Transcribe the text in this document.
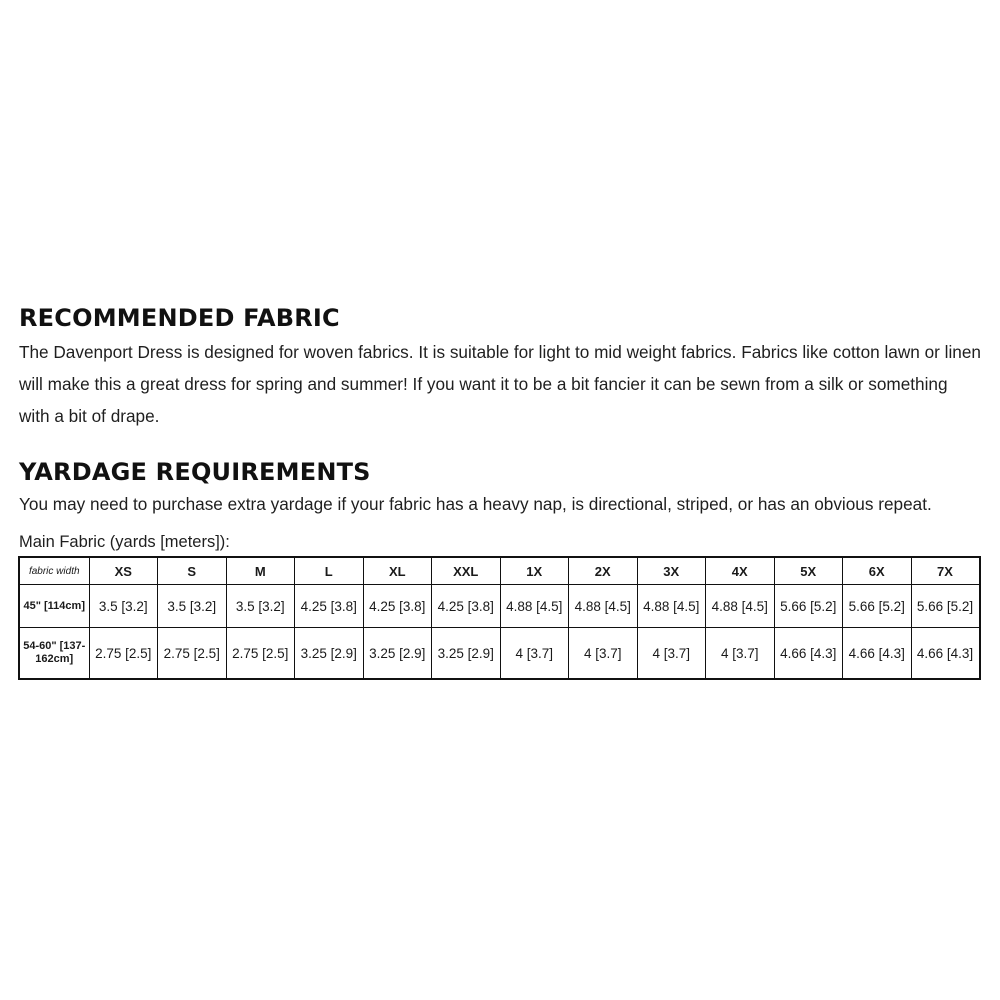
RECOMMENDED FABRIC

The Davenport Dress is designed for woven fabrics. It is suitable for light to mid weight fabrics. Fabrics like cotton lawn or linen will make this a great dress for spring and summer! If you want it to be a bit fancier it can be sewn from a silk or something with a bit of drape.

YARDAGE REQUIREMENTS

You may need to purchase extra yardage if your fabric has a heavy nap, is directional, striped, or has an obvious repeat.

Main Fabric (yards [meters]):
fabric width	XS	S	M	L	XL	XXL	1X	2X	3X	4X	5X	6X	7X
45" [114cm]	3.5 [3.2]	3.5 [3.2]	3.5 [3.2]	4.25 [3.8]	4.25 [3.8]	4.25 [3.8]	4.88 [4.5]	4.88 [4.5]	4.88 [4.5]	4.88 [4.5]	5.66 [5.2]	5.66 [5.2]	5.66 [5.2]
54-60" [137-162cm]	2.75 [2.5]	2.75 [2.5]	2.75 [2.5]	3.25 [2.9]	3.25 [2.9]	3.25 [2.9]	4 [3.7]	4 [3.7]	4 [3.7]	4 [3.7]	4.66 [4.3]	4.66 [4.3]	4.66 [4.3]
